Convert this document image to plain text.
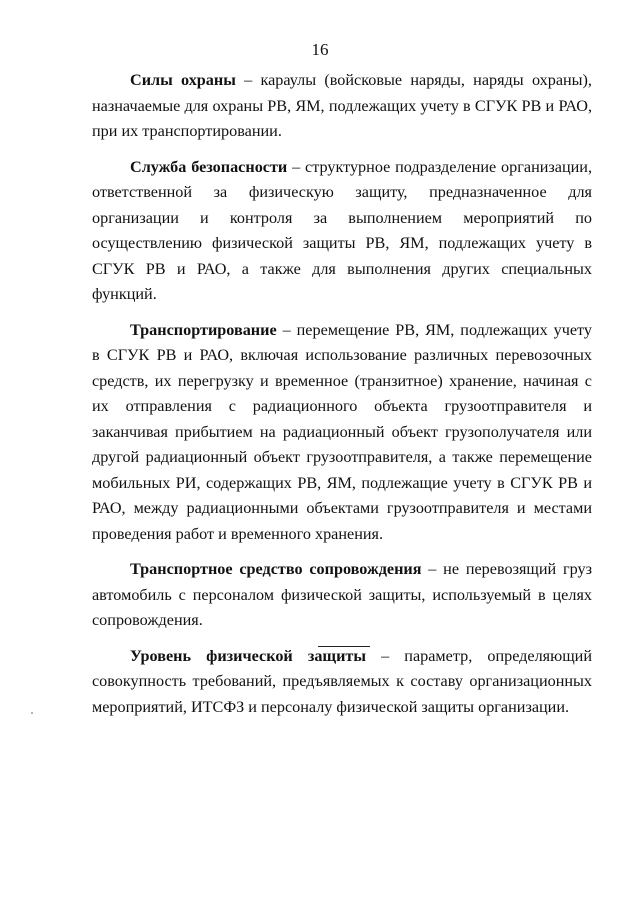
16

Силы охраны – караулы (войсковые наряды, наряды охраны), назначаемые для охраны РВ, ЯМ, подлежащих учету в СГУК РВ и РАО, при их транспортировании.

Служба безопасности – структурное подразделение организации, ответственной за физическую защиту, предназначенное для организации и контроля за выполнением мероприятий по осуществлению физической защиты РВ, ЯМ, подлежащих учету в СГУК РВ и РАО, а также для выполнения других специальных функций.

Транспортирование – перемещение РВ, ЯМ, подлежащих учету в СГУК РВ и РАО, включая использование различных перевозочных средств, их перегрузку и временное (транзитное) хранение, начиная с их отправления с радиационного объекта грузоотправителя и заканчивая прибытием на радиационный объект грузополучателя или другой радиационный объект грузоотправителя, а также перемещение мобильных РИ, содержащих РВ, ЯМ, подлежащие учету в СГУК РВ и РАО, между радиационными объектами грузоотправителя и местами проведения работ и временного хранения.

Транспортное средство сопровождения – не перевозящий груз автомобиль с персоналом физической защиты, используемый в целях сопровождения.

Уровень физической защиты – параметр, определяющий совокупность требований, предъявляемых к составу организационных мероприятий, ИТСФЗ и персоналу физической защиты организации.
